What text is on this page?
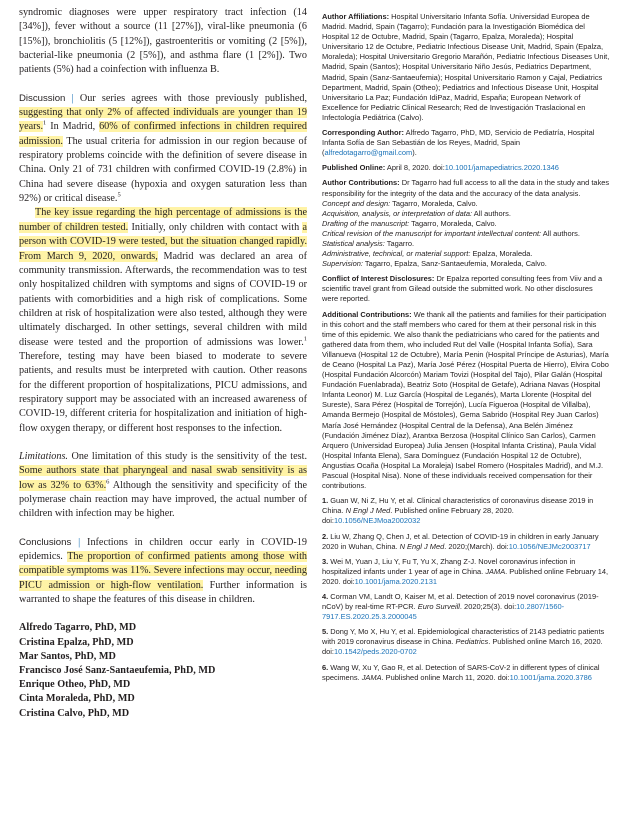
syndromic diagnoses were upper respiratory tract infection (14 [34%]), fever without a source (11 [27%]), viral-like pneumonia (6 [15%]), bronchiolitis (5 [12%]), gastroenteritis or vomiting (2 [5%]), bacterial-like pneumonia (2 [5%]), and asthma flare (1 [2%]). Two patients (5%) had a coinfection with influenza B.

Discussion | Our series agrees with those previously published, suggesting that only 2% of affected individuals are younger than 19 years.$^1$ In Madrid, 60% of confirmed infections in children required admission. The usual criteria for admission in our region because of respiratory problems coincide with the definition of severe disease in China. Only 21 of 731 children with confirmed COVID-19 (2.8%) in China had severe disease (hypoxia and oxygen saturation less than 92%) or critical disease.$^5$

The key issue regarding the high percentage of admissions is the number of children tested. Initially, only children with contact with a person with COVID-19 were tested, but the situation changed rapidly. From March 9, 2020, onwards, Madrid was declared an area of community transmission. Afterwards, the recommendation was to test only hospitalized children with symptoms and signs of COVID-19 or patients with comorbidities and a high risk of complications. Some children at risk of hospitalization were also tested, although they were ultimately discharged. In other settings, several children with mild disease were tested and the proportion of admissions was lower.$^1$ Therefore, testing may have been biased to moderate to severe patients, and results must be interpreted with caution. Other reasons for the different proportion of hospitalizations, PICU admissions, and respiratory support may be associated with an increased awareness of COVID-19, different criteria for hospitalization and initiation of high-flow oxygen therapy, or different host responses to the infection.

Limitations. One limitation of this study is the sensitivity of the test. Some authors state that pharyngeal and nasal swab sensitivity is as low as 32% to 63%.$^6$ Although the sensitivity and specificity of the polymerase chain reaction may have improved, the actual number of children with infection may be higher.

Conclusions | Infections in children occur early in COVID-19 epidemics. The proportion of confirmed patients among those with compatible symptoms was 11%. Severe infections may occur, needing PICU admission or high-flow ventilation. Further information is warranted to shape the features of this disease in children.

Alfredo Tagarro, PhD, MD
Cristina Epalza, PhD, MD
Mar Santos, PhD, MD
Francisco José Sanz-Santaeufemia, PhD, MD
Enrique Otheo, PhD, MD
Cinta Moraleda, PhD, MD
Cristina Calvo, PhD, MD

Author Affiliations: Hospital Universitario Infanta Sofía. Universidad Europea de Madrid. Madrid, Spain (Tagarro); Fundación para la Investigación Biomédica del Hospital 12 de Octubre, Madrid, Spain (Tagarro, Epalza, Moraleda); Hospital Universitario 12 de Octubre, Pediatric Infectious Disease Unit, Madrid, Spain (Epalza, Moraleda); Hospital Universitario Gregorio Marañón, Pediatric Infectious Diseases Unit, Madrid, Spain (Santos); Hospital Universitario Niño Jesús, Pediatrics Department, Madrid, Spain (Sanz-Santaeufemia); Hospital Universitario Ramon y Cajal, Pediatrics Department, Madrid, Spain (Otheo); Pediatrics and Infectious Disease Unit, Hospital Universitario La Paz; Fundación IdiPaz, Madrid, España; European Network of Excellence for Pediatric Clinical Research; Red de Investigación Traslacional en Infectología Pediátrica (Calvo).

Corresponding Author: Alfredo Tagarro, PhD, MD, Servicio de Pediatría, Hospital Infanta Sofía de San Sebastián de los Reyes, Madrid, Spain (alfredotagarro@gmail.com).

Published Online: April 8, 2020. doi:10.1001/jamapediatrics.2020.1346

Author Contributions: Dr Tagarro had full access to all the data in the study and takes responsibility for the integrity of the data and the accuracy of the data analysis.
Concept and design: Tagarro, Moraleda, Calvo.
Acquisition, analysis, or interpretation of data: All authors.
Drafting of the manuscript: Tagarro, Moraleda, Calvo.
Critical revision of the manuscript for important intellectual content: All authors.
Statistical analysis: Tagarro.
Administrative, technical, or material support: Epalza, Moraleda.
Supervision: Tagarro, Epalza, Sanz-Santaeufemia, Moraleda, Calvo.

Conflict of Interest Disclosures: Dr Epalza reported consulting fees from Viiv and a scientific travel grant from Gilead outside the submitted work. No other disclosures were reported.

Additional Contributions: We thank all the patients and families for their participation in this cohort and the staff members who cared for them at their personal risk in this time of this epidemic. We also thank the pediatricians who cared for the patients and gathered data from them, who included Rut del Valle (Hospital Infanta Sofía), Sara Villanueva (Hospital 12 de Octubre), María Penin (Hospital Príncipe de Asturias), María de Ceano (Hospital La Paz), María José Pérez (Hospital Puerta de Hierro), Elvira Cobo (Hospital Fundación Alcorcón) Mariam Tovizi (Hospital del Tajo), Pilar Galán (Hospital Fundación Fuenlabrada), Beatriz Soto (Hospital de Getafe), Adriana Navas (Hospital Infanta Leonor) M. Luz García (Hospital de Leganés), Marta Llorente (Hospital del Sureste), Sara Pérez (Hospital de Torrejón), Lucía Figueroa (Hospital de Villalba), Amanda Bermejo (Hospital de Móstoles), Gema Sabrido (Hospital Rey Juan Carlos) María José Hernández (Hospital Central de la Defensa), Ana Belén Jiménez (Fundación Jiménez Díaz), Arantxa Berzosa (Hospital Clínico San Carlos), Carmen Arquero (Universidad Europea) Julia Jensen (Hospital Infanta Cristina), Paula Vidal (Hospital Infanta Elena), Sara Domínguez (Fundación Hospital 12 de Octubre), Angustias Ocaña (Hospital La Moraleja) Isabel Romero (Hospitales Madrid), and M.J. Pascual (Hospital Nisa). None of these individuals received compensation for their contributions.

1. Guan W, Ni Z, Hu Y, et al. Clinical characteristics of coronavirus disease 2019 in China. N Engl J Med. Published online February 28, 2020. doi:10.1056/NEJMoa2002032

2. Liu W, Zhang Q, Chen J, et al. Detection of COVID-19 in children in early January 2020 in Wuhan, China. N Engl J Med. 2020;(March). doi:10.1056/NEJMc2003717

3. Wei M, Yuan J, Liu Y, Fu T, Yu X, Zhang Z-J. Novel coronavirus infection in hospitalized infants under 1 year of age in China. JAMA. Published online February 14, 2020. doi:10.1001/jama.2020.2131

4. Corman VM, Landt O, Kaiser M, et al. Detection of 2019 novel coronavirus (2019-nCoV) by real-time RT-PCR. Euro Surveill. 2020;25(3). doi:10.2807/1560-7917.ES.2020.25.3.2000045

5. Dong Y, Mo X, Hu Y, et al. Epidemiological characteristics of 2143 pediatric patients with 2019 coronavirus disease in China. Pediatrics. Published online March 16, 2020. doi:10.1542/peds.2020-0702

6. Wang W, Xu Y, Gao R, et al. Detection of SARS-CoV-2 in different types of clinical specimens. JAMA. Published online March 11, 2020. doi:10.1001/jama.2020.3786
